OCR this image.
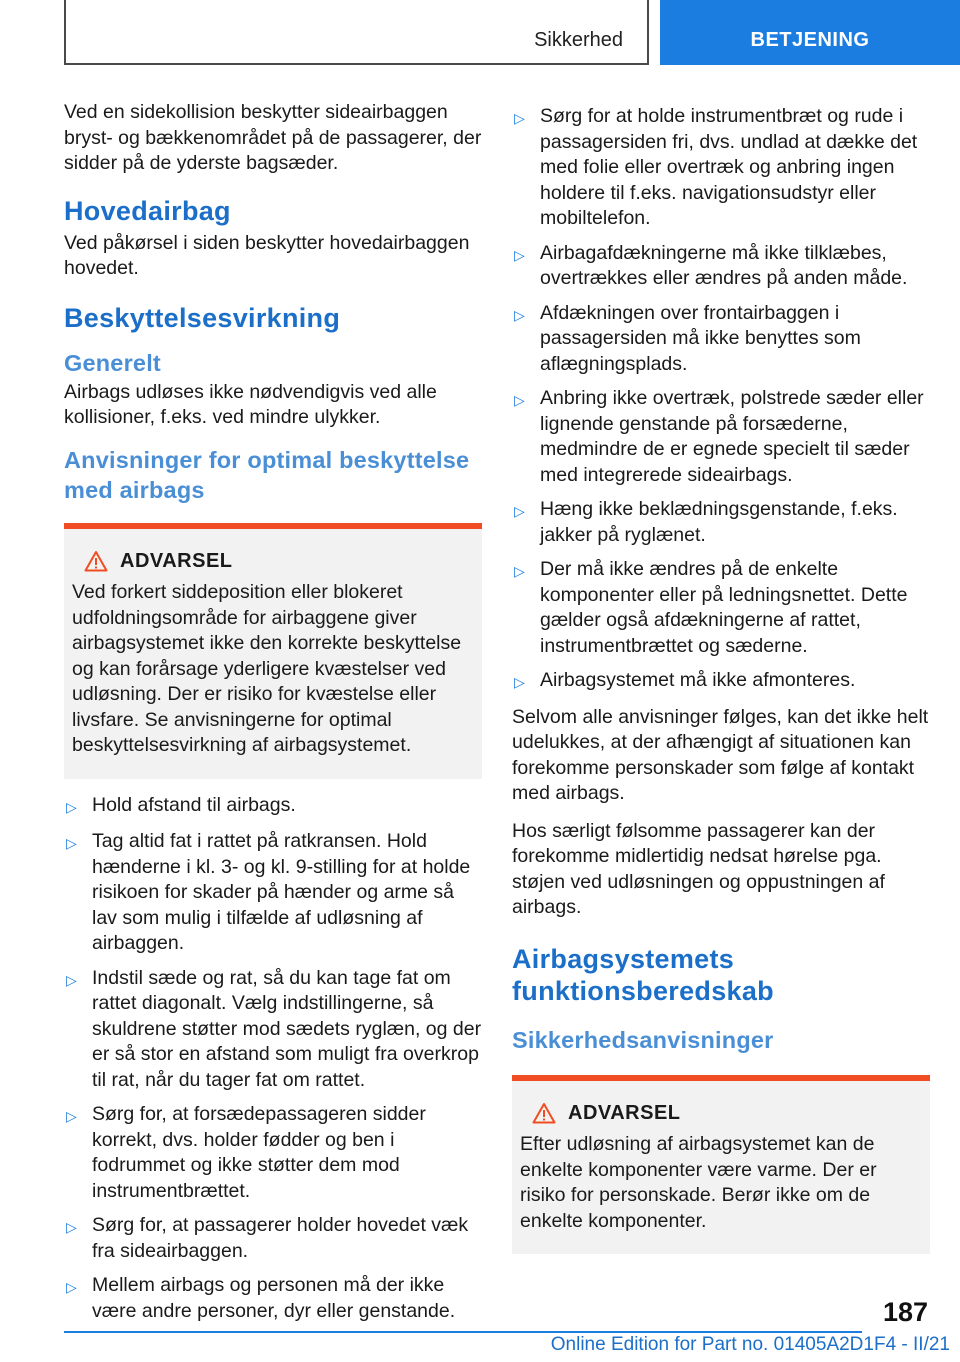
Sikkerhed	BETJENING

Ved en sidekollision beskytter sideairbaggen bryst- og bækkenområdet på de passagerer, der sidder på de yderste bagsæder.

Hovedairbag

Ved påkørsel i siden beskytter hovedairbaggen hovedet.

Beskyttelsesvirkning
Generelt

Airbags udløses ikke nødvendigvis ved alle kollisioner, f.eks. ved mindre ulykker.

Anvisninger for optimal beskyttelse med airbags
ADVARSEL

Ved forkert siddeposition eller blokeret udfoldningsområde for airbaggene giver airbagsystemet ikke den korrekte beskyttelse og kan forårsage yderligere kvæstelser ved udløsning. Der er risiko for kvæstelse eller livsfare. Se anvisningerne for optimal beskyttelsesvirkning af airbagsystemet.

▷ Hold afstand til airbags.
▷ Tag altid fat i rattet på ratkransen. Hold hænderne i kl. 3- og kl. 9-stilling for at holde risikoen for skader på hænder og arme så lav som mulig i tilfælde af udløsning af airbaggen.
▷ Indstil sæde og rat, så du kan tage fat om rattet diagonalt. Vælg indstillingerne, så skuldrene støtter mod sædets ryglæn, og der er så stor en afstand som muligt fra overkrop til rat, når du tager fat om rattet.
▷ Sørg for, at forsædepassageren sidder korrekt, dvs. holder fødder og ben i fodrummet og ikke støtter dem mod instrumentbrættet.
▷ Sørg for, at passagerer holder hovedet væk fra sideairbaggen.
▷ Mellem airbags og personen må der ikke være andre personer, dyr eller genstande.
▷ Sørg for at holde instrumentbræt og rude i passagersiden fri, dvs. undlad at dække det med folie eller overtræk og anbring ingen holdere til f.eks. navigationsudstyr eller mobiltelefon.
▷ Airbagafdækningerne må ikke tilklæbes, overtrækkes eller ændres på anden måde.
▷ Afdækningen over frontairbaggen i passagersiden må ikke benyttes som aflægningsplads.
▷ Anbring ikke overtræk, polstrede sæder eller lignende genstande på forsæderne, medmindre de er egnede specielt til sæder med integrerede sideairbags.
▷ Hæng ikke beklædningsgenstande, f.eks. jakker på ryglænet.
▷ Der må ikke ændres på de enkelte komponenter eller på ledningsnettet. Dette gælder også afdækningerne af rattet, instrumentbrættet og sæderne.
▷ Airbagsystemet må ikke afmonteres.

Selvom alle anvisninger følges, kan det ikke helt udelukkes, at der afhængigt af situationen kan forekomme personskader som følge af kontakt med airbags.

Hos særligt følsomme passagerer kan der forekomme midlertidig nedsat hørelse pga. støjen ved udløsningen og oppustningen af airbags.

Airbagsystemets funktionsberedskab
Sikkerhedsanvisninger
ADVARSEL

Efter udløsning af airbagsystemet kan de enkelte komponenter være varme. Der er risiko for personskade. Berør ikke om de enkelte komponenter.

187
Online Edition for Part no. 01405A2D1F4 - II/21
